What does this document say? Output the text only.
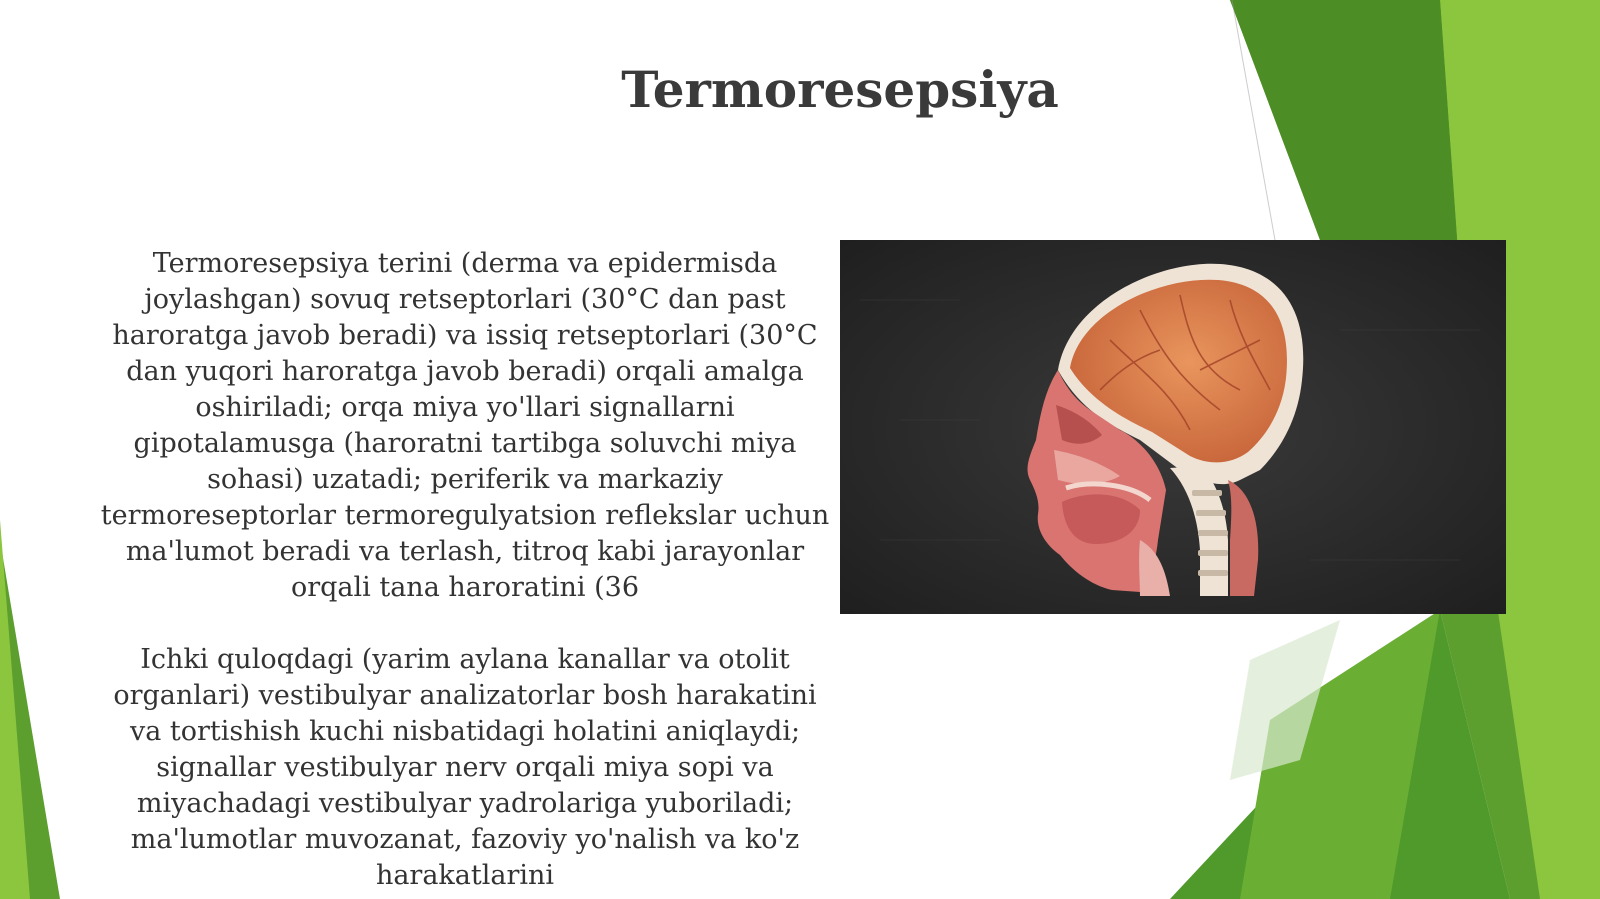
Termoresepsiya

Termoresepsiya terini (derma va epidermisda joylashgan) sovuq retseptorlari (30°C dan past haroratga javob beradi) va issiq retseptorlari (30°C dan yuqori haroratga javob beradi) orqali amalga oshiriladi; orqa miya yo'llari signallarni gipotalamusga (haroratni tartibga soluvchi miya sohasi) uzatadi; periferik va markaziy termoreseptorlar termoregulyatsion reflekslar uchun ma'lumot beradi va terlash, titroq kabi jarayonlar orqali tana haroratini (36

Ichki quloqdagi (yarim aylana kanallar va otolit organlari) vestibulyar analizatorlar bosh harakatini va tortishish kuchi nisbatidagi holatini aniqlaydi; signallar vestibulyar nerv orqali miya sopi va miyachadagi vestibulyar yadrolariga yuboriladi; ma'lumotlar muvozanat, fazoviy yo'nalish va ko'z harakatlarini
